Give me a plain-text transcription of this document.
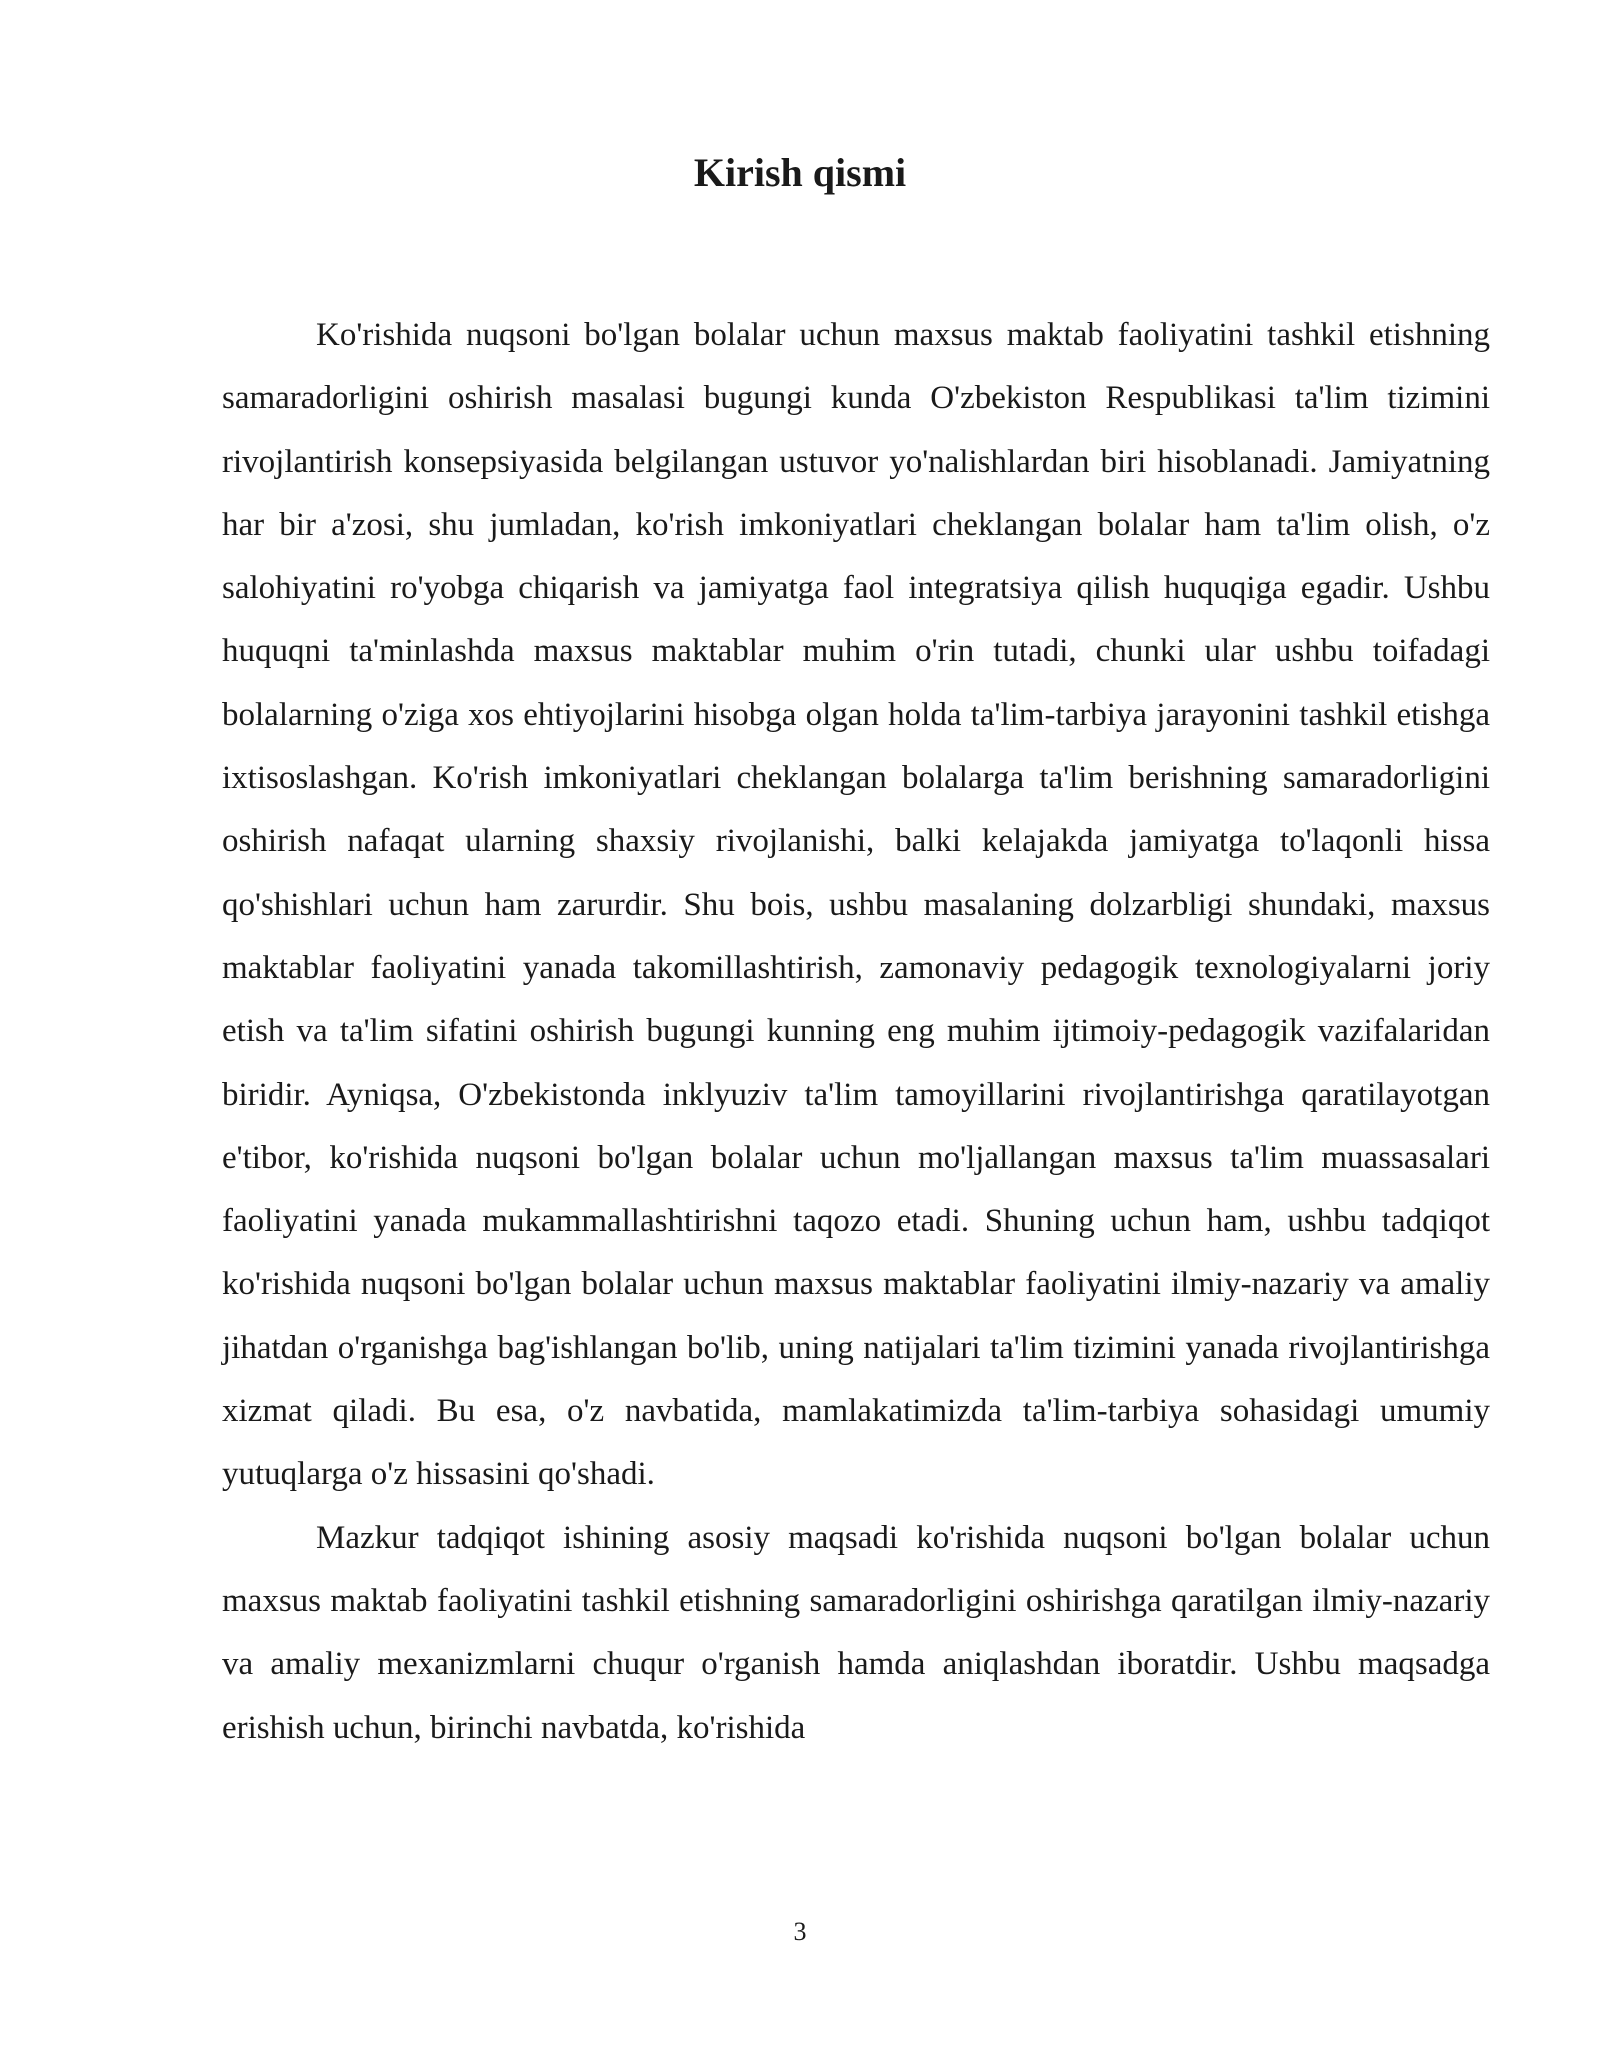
Kirish qismi

Ko'rishida nuqsoni bo'lgan bolalar uchun maxsus maktab faoliyatini tashkil etishning samaradorligini oshirish masalasi bugungi kunda O'zbekiston Respublikasi ta'lim tizimini rivojlantirish konsepsiyasida belgilangan ustuvor yo'nalishlardan biri hisoblanadi. Jamiyatning har bir a'zosi, shu jumladan, ko'rish imkoniyatlari cheklangan bolalar ham ta'lim olish, o'z salohiyatini ro'yobga chiqarish va jamiyatga faol integratsiya qilish huquqiga egadir. Ushbu huquqni ta'minlashda maxsus maktablar muhim o'rin tutadi, chunki ular ushbu toifadagi bolalarning o'ziga xos ehtiyojlarini hisobga olgan holda ta'lim-tarbiya jarayonini tashkil etishga ixtisoslashgan. Ko'rish imkoniyatlari cheklangan bolalarga ta'lim berishning samaradorligini oshirish nafaqat ularning shaxsiy rivojlanishi, balki kelajakda jamiyatga to'laqonli hissa qo'shishlari uchun ham zarurdir. Shu bois, ushbu masalaning dolzarbligi shundaki, maxsus maktablar faoliyatini yanada takomillashtirish, zamonaviy pedagogik texnologiyalarni joriy etish va ta'lim sifatini oshirish bugungi kunning eng muhim ijtimoiy-pedagogik vazifalaridan biridir. Ayniqsa, O'zbekistonda inklyuziv ta'lim tamoyillarini rivojlantirishga qaratilayotgan e'tibor, ko'rishida nuqsoni bo'lgan bolalar uchun mo'ljallangan maxsus ta'lim muassasalari faoliyatini yanada mukammallashtirishni taqozo etadi. Shuning uchun ham, ushbu tadqiqot ko'rishida nuqsoni bo'lgan bolalar uchun maxsus maktablar faoliyatini ilmiy-nazariy va amaliy jihatdan o'rganishga bag'ishlangan bo'lib, uning natijalari ta'lim tizimini yanada rivojlantirishga xizmat qiladi. Bu esa, o'z navbatida, mamlakatimizda ta'lim-tarbiya sohasidagi umumiy yutuqlarga o'z hissasini qo'shadi.

Mazkur tadqiqot ishining asosiy maqsadi ko'rishida nuqsoni bo'lgan bolalar uchun maxsus maktab faoliyatini tashkil etishning samaradorligini oshirishga qaratilgan ilmiy-nazariy va amaliy mexanizmlarni chuqur o'rganish hamda aniqlashdan iboratdir. Ushbu maqsadga erishish uchun, birinchi navbatda, ko'rishida

3
